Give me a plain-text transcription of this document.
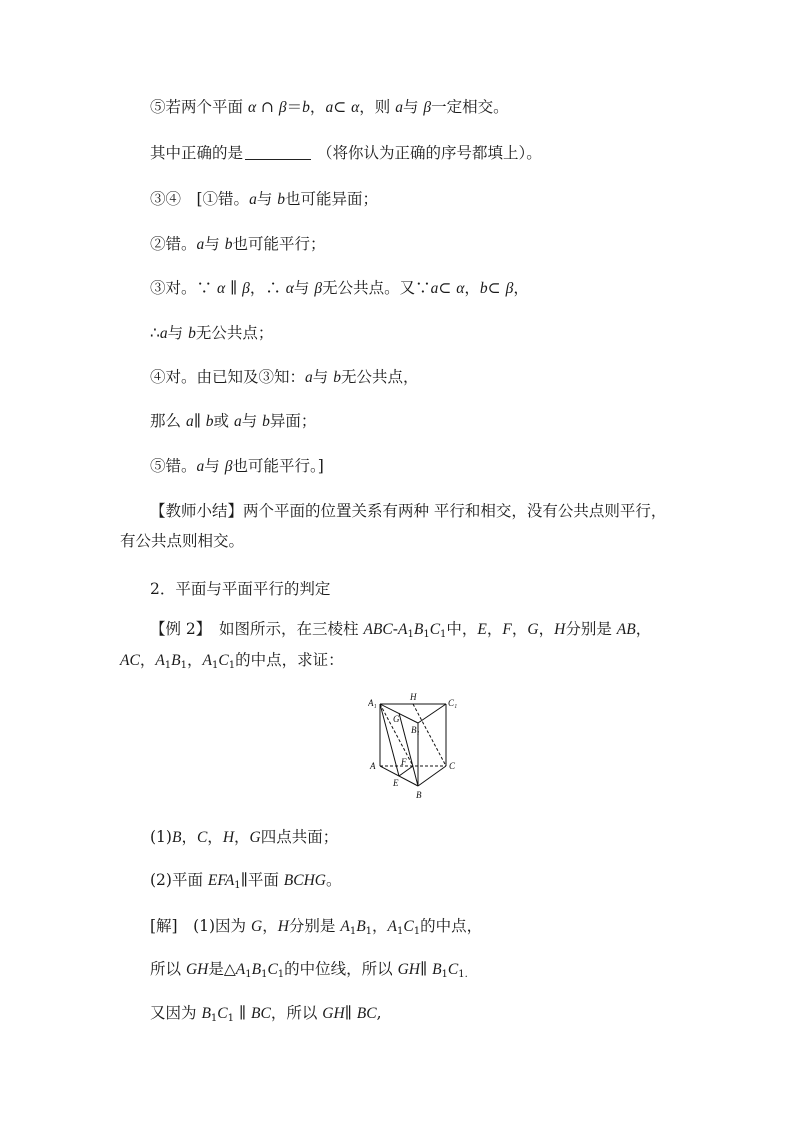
⑤若两个平面 α ∩ β＝b，a⊂ α，则 a与 β一定相交。
其中正确的是	（将你认为正确的序号都填上）。
③④　[①错。a与 b也可能异面；
②错。a与 b也可能平行；
③对。∵ α ∥ β，∴ α与 β无公共点。又∵a⊂ α，b⊂ β，
∴a与 b无公共点；
④对。由已知及③知：a与 b无公共点，
那么 a∥ b或 a与 b异面；
⑤错。a与 β也可能平行。]
【教师小结】两个平面的位置关系有两种 平行和相交，没有公共点则平行，有公共点则相交。
2．平面与平面平行的判定
【例 2】　如图所示，在三棱柱 ABC-$A_1B_1C_1$中，E，F，G，H分别是 AB，AC，$A_1B_1$，$A_1C_1$的中点，求证：
A₁
H
C₁
G
B₁
A	F	C
E
B
(1)B，C，H，G四点共面；
(2)平面 $EFA_1\parallel$平面 BCHG。
[解]　(1)因为 G，H分别是 $A_1B_1$，$A_1C_1$的中点，
所以 GH是$\triangle A_1B_1C_1$的中位线，所以 GH∥ $B_1C_{1.}$
又因为 $B_1C_1$ ∥ BC，所以 GH∥ BC,
